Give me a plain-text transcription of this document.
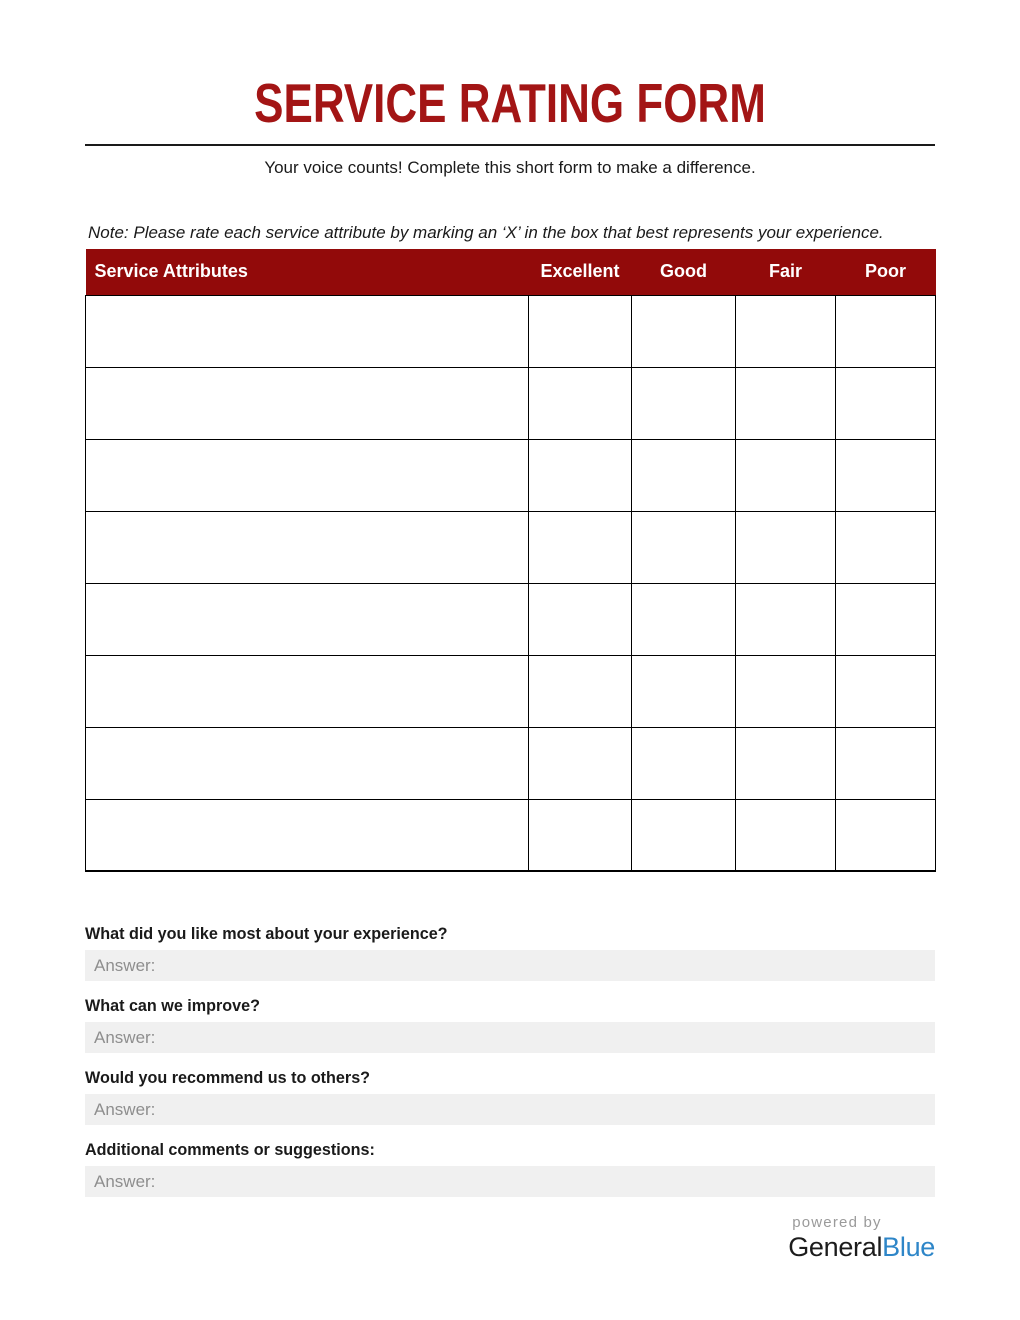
SERVICE RATING FORM

Your voice counts! Complete this short form to make a difference.

Note: Please rate each service attribute by marking an ‘X’ in the box that best represents your experience.

Service Attributes	Excellent	Good	Fair	Poor

What did you like most about your experience?

Answer:

What can we improve?

Answer:

Would you recommend us to others?

Answer:

Additional comments or suggestions:

Answer:
powered by
GeneralBlue
